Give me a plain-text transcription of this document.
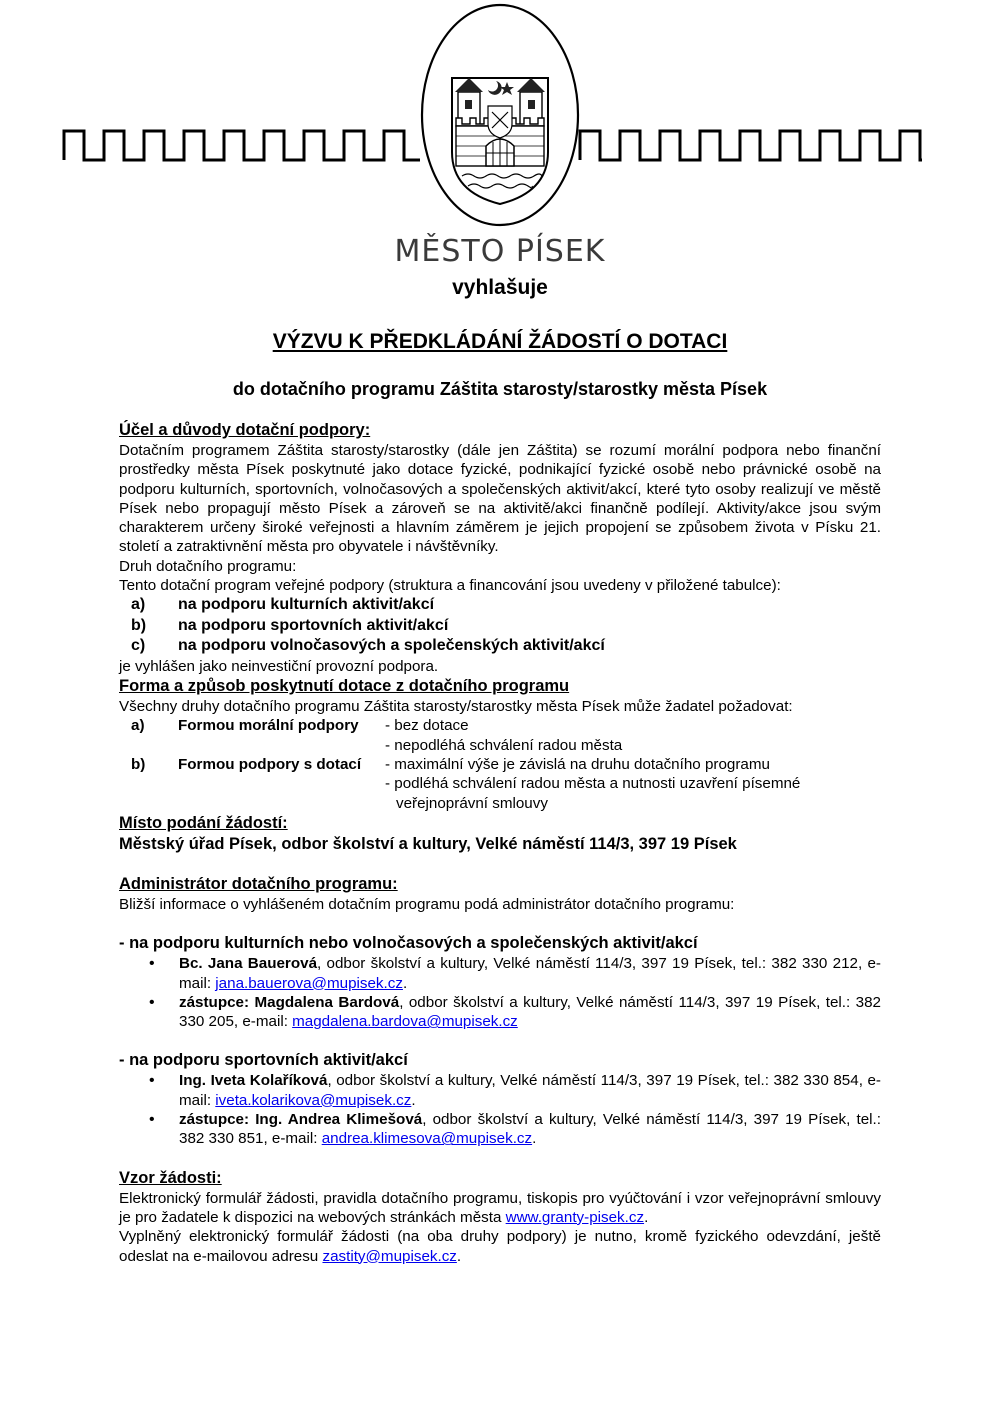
MĚSTO PÍSEK
vyhlašuje
VÝZVU K PŘEDKLÁDÁNÍ ŽÁDOSTÍ O DOTACI
do dotačního programu Záštita starosty/starostky města Písek

Účel a důvody dotační podpory:

Dotačním programem Záštita starosty/starostky (dále jen Záštita) se rozumí morální podpora nebo finanční prostředky města Písek poskytnuté jako dotace fyzické, podnikající fyzické osobě nebo právnické osobě na podporu kulturních, sportovních, volnočasových a společenských aktivit/akcí, které tyto osoby realizují ve městě Písek nebo propagují město Písek a zároveň se na aktivitě/akci finančně podílejí. Aktivity/akce jsou svým charakterem určeny široké veřejnosti a hlavním záměrem je jejich propojení se způsobem života v Písku 21. století a zatraktivnění města pro obyvatele i návštěvníky.

Druh dotačního programu:

Tento dotační program veřejné podpory (struktura a financování jsou uvedeny v přiložené tabulce):

a)	na podporu kulturních aktivit/akcí
b)	na podporu sportovních aktivit/akcí
c)	na podporu volnočasových a společenských aktivit/akcí

je vyhlášen jako neinvestiční provozní podpora.

Forma a způsob poskytnutí dotace z dotačního programu

Všechny druhy dotačního programu Záštita starosty/starostky města Písek může žadatel požadovat:

a)	Formou morální podpory	- bez dotace
- nepodléhá schválení radou města
b)	Formou podpory s dotací	- maximální výše je závislá na druhu dotačního programu
- podléhá schválení radou města a nutnosti uzavření písemné
veřejnoprávní smlouvy

Místo podání žádostí:

Městský úřad Písek, odbor školství a kultury, Velké náměstí 114/3, 397 19 Písek

Administrátor dotačního programu:

Bližší informace o vyhlášeném dotačním programu podá administrátor dotačního programu:

- na podporu kulturních nebo volnočasových a společenských aktivit/akcí

• Bc. Jana Bauerová, odbor školství a kultury, Velké náměstí 114/3, 397 19 Písek, tel.: 382 330 212, e-mail: jana.bauerova@mupisek.cz.
• zástupce: Magdalena Bardová, odbor školství a kultury, Velké náměstí 114/3, 397 19 Písek, tel.: 382 330 205, e-mail: magdalena.bardova@mupisek.cz

- na podporu sportovních aktivit/akcí

• Ing. Iveta Kolaříková, odbor školství a kultury, Velké náměstí 114/3, 397 19 Písek, tel.: 382 330 854, e-mail: iveta.kolarikova@mupisek.cz.
• zástupce: Ing. Andrea Klimešová, odbor školství a kultury, Velké náměstí 114/3, 397 19 Písek, tel.: 382 330 851, e-mail: andrea.klimesova@mupisek.cz.

Vzor žádosti:

Elektronický formulář žádosti, pravidla dotačního programu, tiskopis pro vyúčtování i vzor veřejnoprávní smlouvy je pro žadatele k dispozici na webových stránkách města www.granty-pisek.cz.

Vyplněný elektronický formulář žádosti (na oba druhy podpory) je nutno, kromě fyzického odevzdání, ještě odeslat na e-mailovou adresu zastity@mupisek.cz.
